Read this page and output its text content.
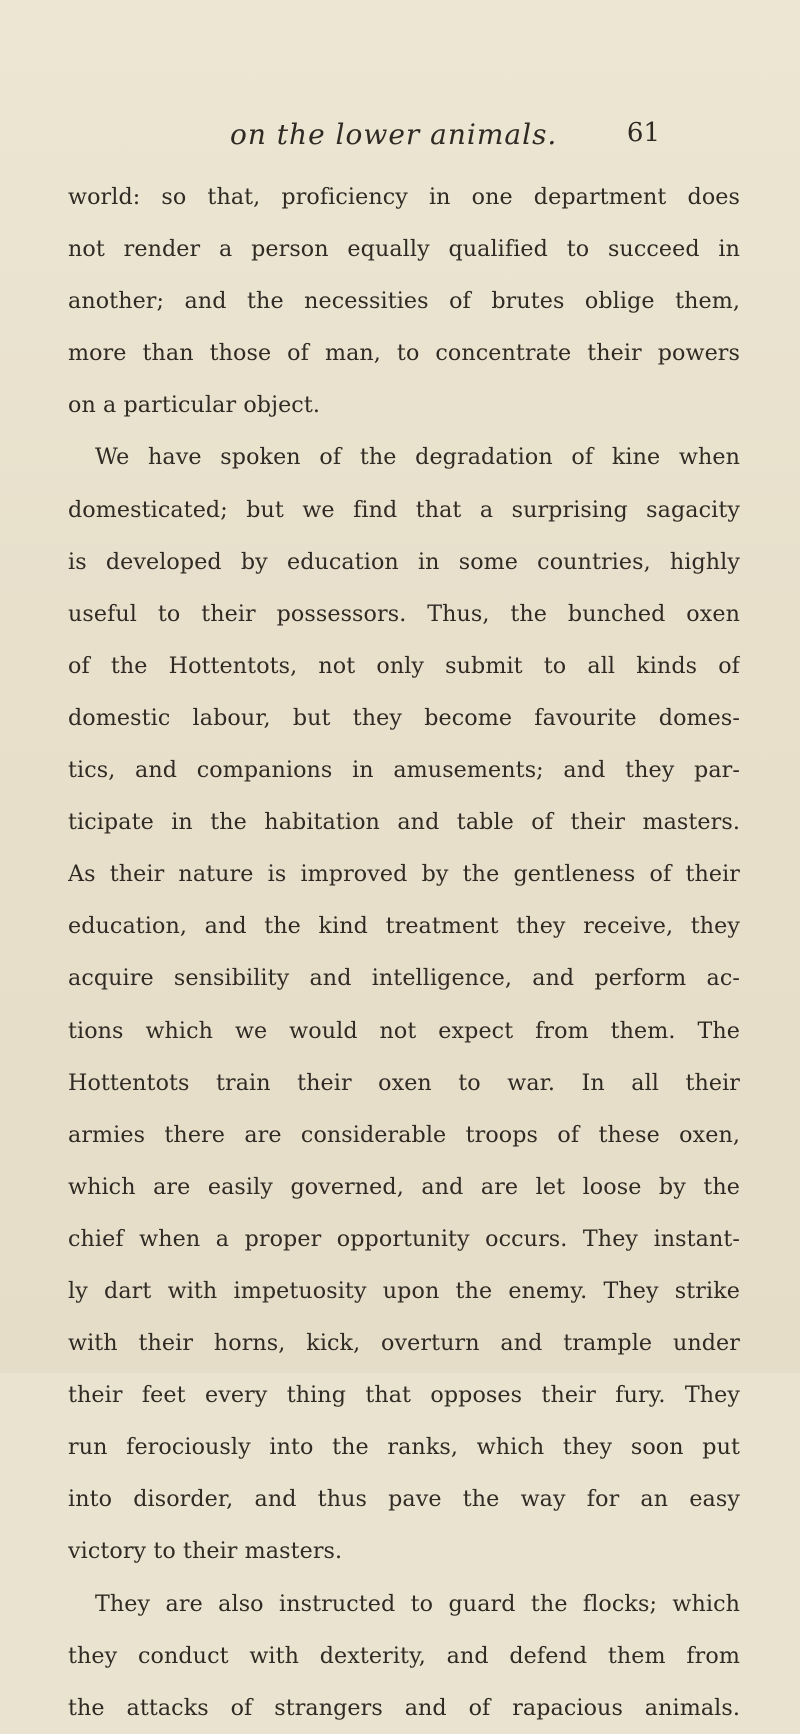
on the lower animals.	61
world: so that, proficiency in one department does
not render a person equally qualified to succeed in
another; and the necessities of brutes oblige them,
more than those of man, to concentrate their powers
on a particular object.
We have spoken of the degradation of kine when
domesticated; but we find that a surprising sagacity
is developed by education in some countries, highly
useful to their possessors. Thus, the bunched oxen
of the Hottentots, not only submit to all kinds of
domestic labour, but they become favourite domes-
tics, and companions in amusements; and they par-
ticipate in the habitation and table of their masters.
As their nature is improved by the gentleness of their
education, and the kind treatment they receive, they
acquire sensibility and intelligence, and perform ac-
tions which we would not expect from them. The
Hottentots train their oxen to war. In all their
armies there are considerable troops of these oxen,
which are easily governed, and are let loose by the
chief when a proper opportunity occurs. They instant-
ly dart with impetuosity upon the enemy. They strike
with their horns, kick, overturn and trample under
their feet every thing that opposes their fury. They
run ferociously into the ranks, which they soon put
into disorder, and thus pave the way for an easy
victory to their masters.
They are also instructed to guard the flocks; which
they conduct with dexterity, and defend them from
the attacks of strangers and of rapacious animals.
